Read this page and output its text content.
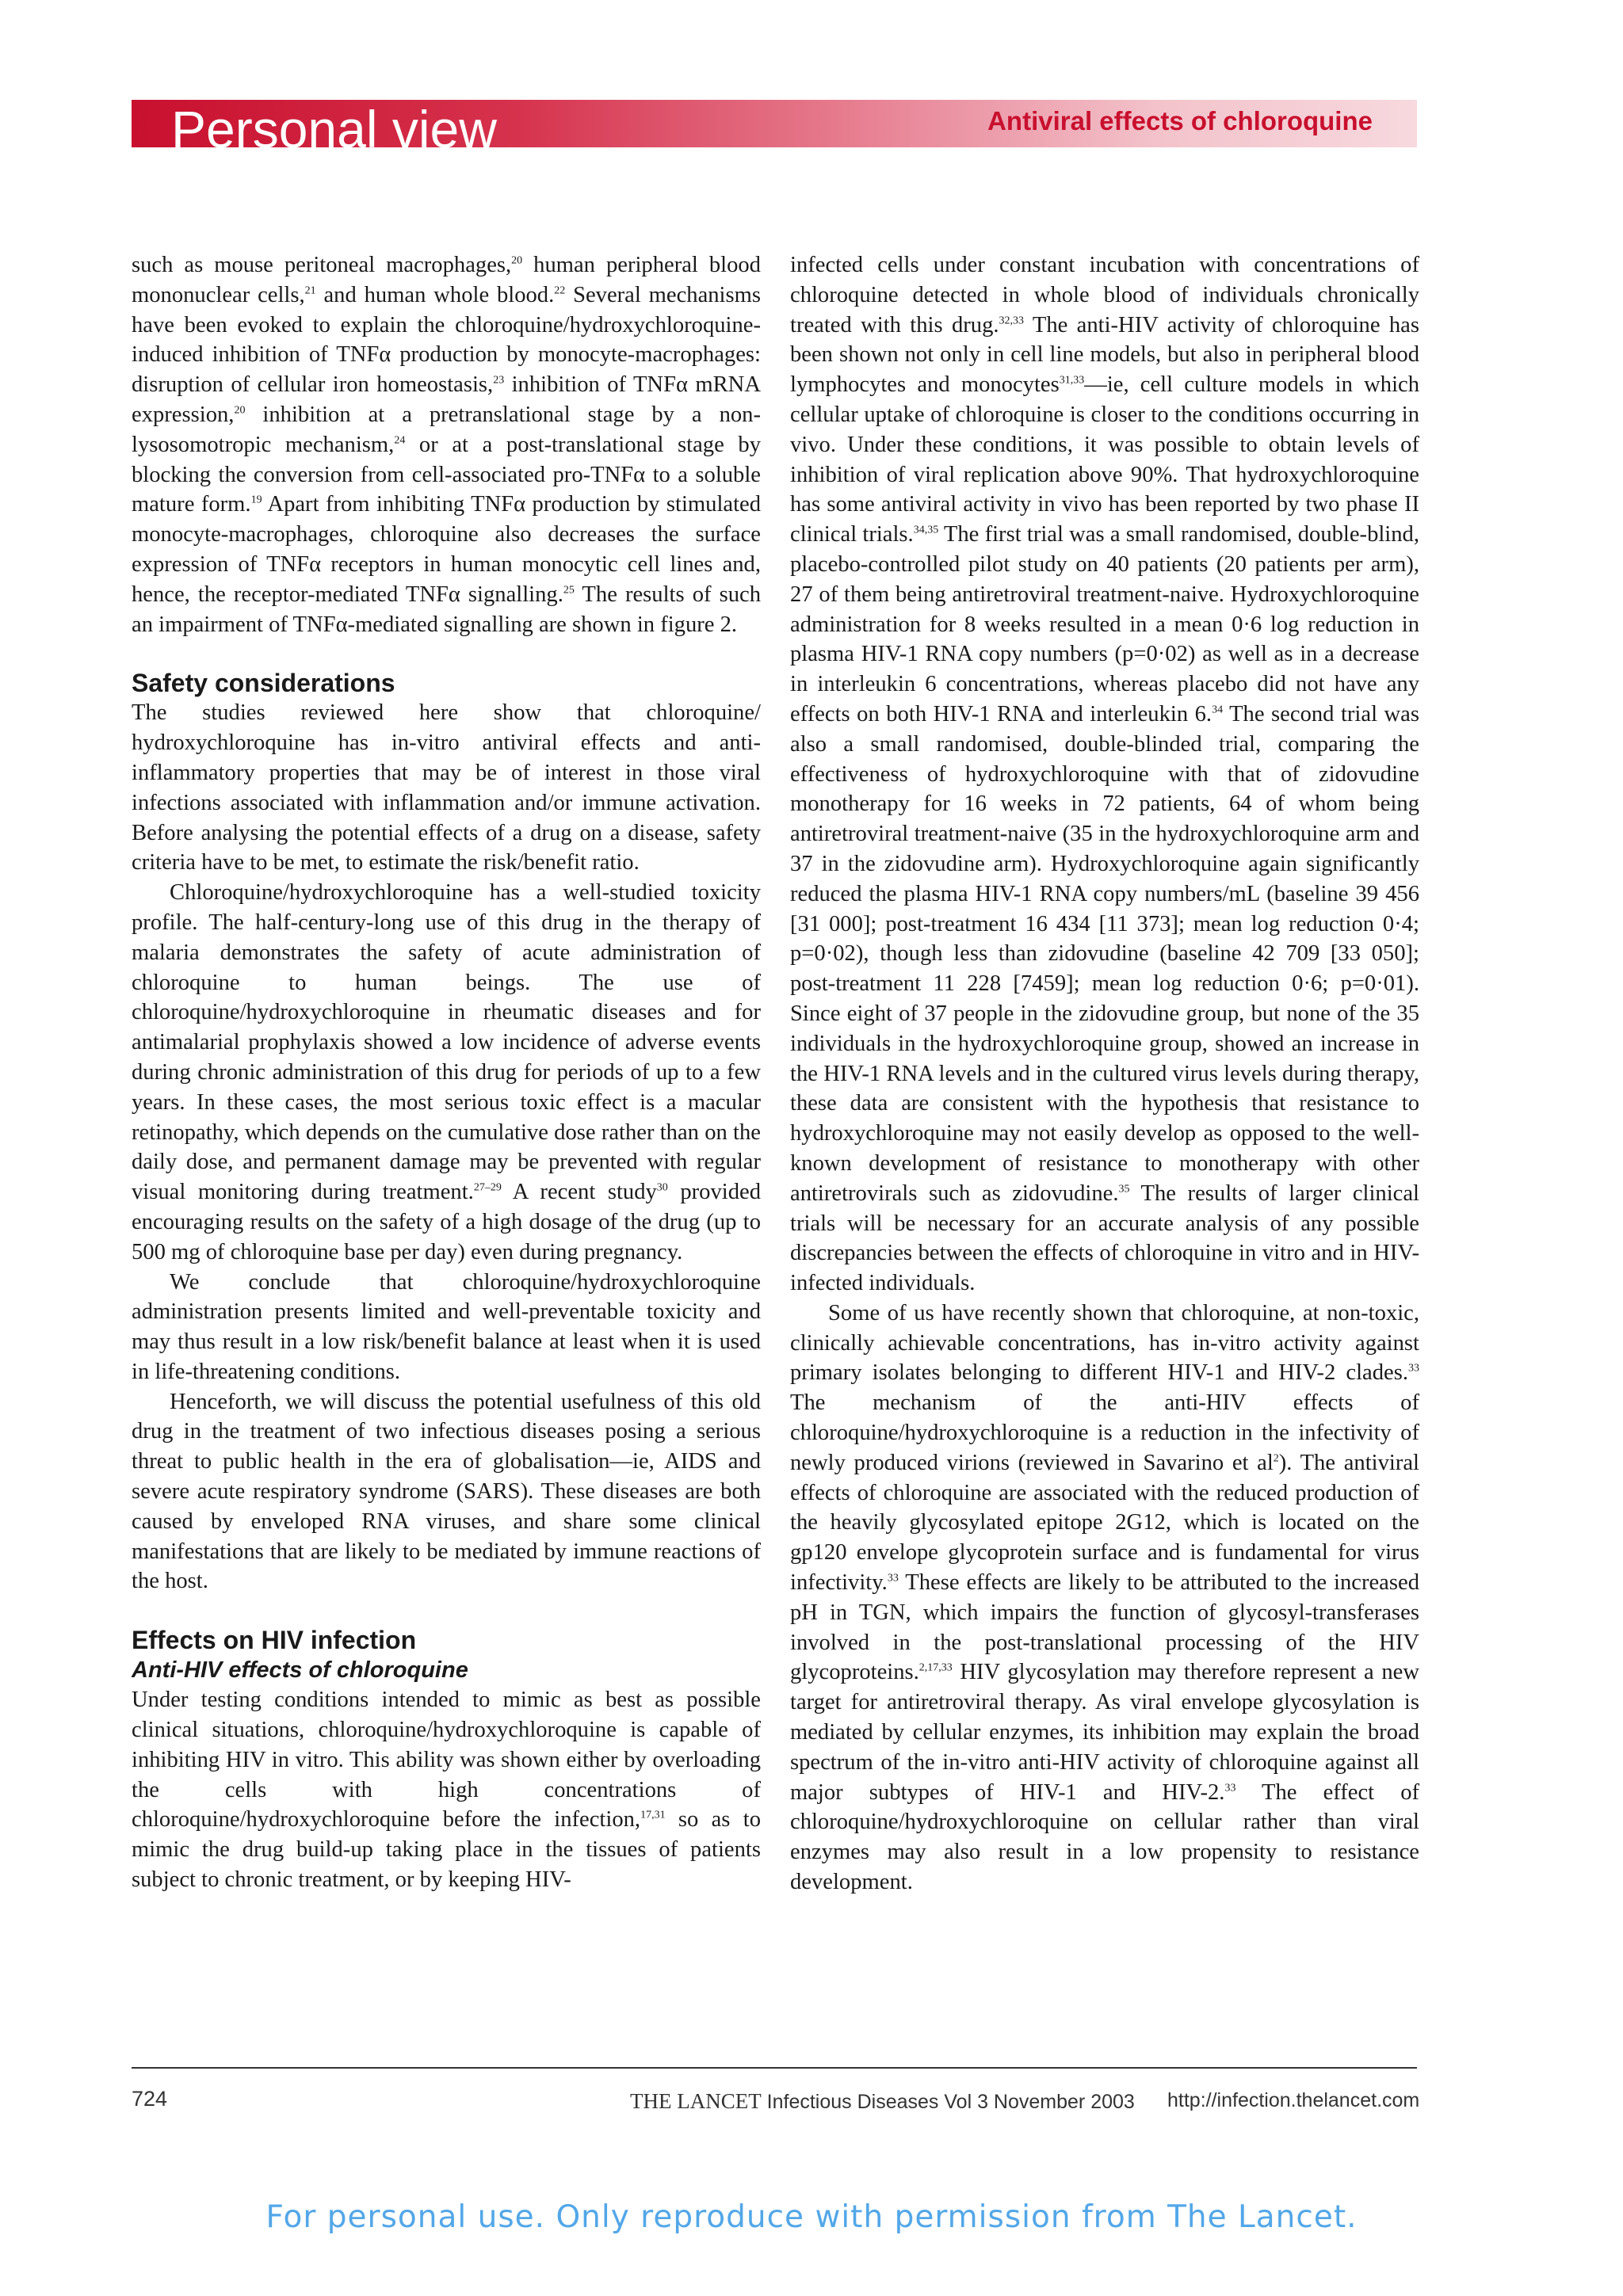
Personal view	Antiviral effects of chloroquine

such as mouse peritoneal macrophages,$^{20}$ human peripheral blood mononuclear cells,$^{21}$ and human whole blood.$^{22}$ Several mechanisms have been evoked to explain the chloroquine/hydroxychloroquine-induced inhibition of TNFα production by monocyte-macrophages: disruption of cellular iron homeostasis,$^{23}$ inhibition of TNFα mRNA expression,$^{20}$ inhibition at a pretranslational stage by a non-lysosomotropic mechanism,$^{24}$ or at a post-translational stage by blocking the conversion from cell-associated pro-TNFα to a soluble mature form.$^{19}$ Apart from inhibiting TNFα production by stimulated monocyte-macrophages, chloroquine also decreases the surface expression of TNFα receptors in human monocytic cell lines and, hence, the receptor-mediated TNFα signalling.$^{25}$ The results of such an impairment of TNFα-mediated signalling are shown in figure 2.

Safety considerations

The studies reviewed here show that chloroquine/ hydroxychloroquine has in-vitro antiviral effects and anti-inflammatory properties that may be of interest in those viral infections associated with inflammation and/or immune activation. Before analysing the potential effects of a drug on a disease, safety criteria have to be met, to estimate the risk/benefit ratio.

Chloroquine/hydroxychloroquine has a well-studied toxicity profile. The half-century-long use of this drug in the therapy of malaria demonstrates the safety of acute administration of chloroquine to human beings. The use of chloroquine/hydroxychloroquine in rheumatic diseases and for antimalarial prophylaxis showed a low incidence of adverse events during chronic administration of this drug for periods of up to a few years. In these cases, the most serious toxic effect is a macular retinopathy, which depends on the cumulative dose rather than on the daily dose, and permanent damage may be prevented with regular visual monitoring during treatment.$^{27-29}$ A recent study$^{30}$ provided encouraging results on the safety of a high dosage of the drug (up to 500 mg of chloroquine base per day) even during pregnancy.

We conclude that chloroquine/hydroxychloroquine administration presents limited and well-preventable toxicity and may thus result in a low risk/benefit balance at least when it is used in life-threatening conditions.

Henceforth, we will discuss the potential usefulness of this old drug in the treatment of two infectious diseases posing a serious threat to public health in the era of globalisation—ie, AIDS and severe acute respiratory syndrome (SARS). These diseases are both caused by enveloped RNA viruses, and share some clinical manifestations that are likely to be mediated by immune reactions of the host.

Effects on HIV infection
Anti-HIV effects of chloroquine

Under testing conditions intended to mimic as best as possible clinical situations, chloroquine/hydroxychloroquine is capable of inhibiting HIV in vitro. This ability was shown either by overloading the cells with high concentrations of chloroquine/hydroxychloroquine before the infection,$^{17,31}$ so as to mimic the drug build-up taking place in the tissues of patients subject to chronic treatment, or by keeping HIV-

infected cells under constant incubation with concentrations of chloroquine detected in whole blood of individuals chronically treated with this drug.$^{32,33}$ The anti-HIV activity of chloroquine has been shown not only in cell line models, but also in peripheral blood lymphocytes and monocytes$^{31,33}$—ie, cell culture models in which cellular uptake of chloroquine is closer to the conditions occurring in vivo. Under these conditions, it was possible to obtain levels of inhibition of viral replication above 90%. That hydroxychloroquine has some antiviral activity in vivo has been reported by two phase II clinical trials.$^{34,35}$ The first trial was a small randomised, double-blind, placebo-controlled pilot study on 40 patients (20 patients per arm), 27 of them being antiretroviral treatment-naive. Hydroxychloroquine administration for 8 weeks resulted in a mean 0·6 log reduction in plasma HIV-1 RNA copy numbers (p=0·02) as well as in a decrease in interleukin 6 concentrations, whereas placebo did not have any effects on both HIV-1 RNA and interleukin 6.34 The second trial was also a small randomised, double-blinded trial, comparing the effectiveness of hydroxychloroquine with that of zidovudine monotherapy for 16 weeks in 72 patients, 64 of whom being antiretroviral treatment-naive (35 in the hydroxychloroquine arm and 37 in the zidovudine arm). Hydroxychloroquine again significantly reduced the plasma HIV-1 RNA copy numbers/mL (baseline 39 456 [31 000]; post-treatment 16 434 [11 373]; mean log reduction 0·4; p=0·02), though less than zidovudine (baseline 42 709 [33 050]; post-treatment 11 228 [7459]; mean log reduction 0·6; p=0·01). Since eight of 37 people in the zidovudine group, but none of the 35 individuals in the hydroxychloroquine group, showed an increase in the HIV-1 RNA levels and in the cultured virus levels during therapy, these data are consistent with the hypothesis that resistance to hydroxychloroquine may not easily develop as opposed to the well-known development of resistance to monotherapy with other antiretrovirals such as zidovudine.$^{35}$ The results of larger clinical trials will be necessary for an accurate analysis of any possible discrepancies between the effects of chloroquine in vitro and in HIV-infected individuals.

Some of us have recently shown that chloroquine, at non-toxic, clinically achievable concentrations, has in-vitro activity against primary isolates belonging to different HIV-1 and HIV-2 clades.$^{33}$ The mechanism of the anti-HIV effects of chloroquine/hydroxychloroquine is a reduction in the infectivity of newly produced virions (reviewed in Savarino et $al^2$). The antiviral effects of chloroquine are associated with the reduced production of the heavily glycosylated epitope 2G12, which is located on the gp120 envelope glycoprotein surface and is fundamental for virus infectivity.$^{33}$ These effects are likely to be attributed to the increased pH in TGN, which impairs the function of glycosyl-transferases involved in the post-translational processing of the HIV glycoproteins.$^{2,17,33}$ HIV glycosylation may therefore represent a new target for antiretroviral therapy. As viral envelope glycosylation is mediated by cellular enzymes, its inhibition may explain the broad spectrum of the in-vitro anti-HIV activity of chloroquine against all major subtypes of HIV-1 and HIV-2.33 The effect of chloroquine/hydroxychloroquine on cellular rather than viral enzymes may also result in a low propensity to resistance development.

724	THE LANCET Infectious Diseases Vol 3 November 2003 http://infection.thelancet.com
For personal use. Only reproduce with permission from The Lancet.
